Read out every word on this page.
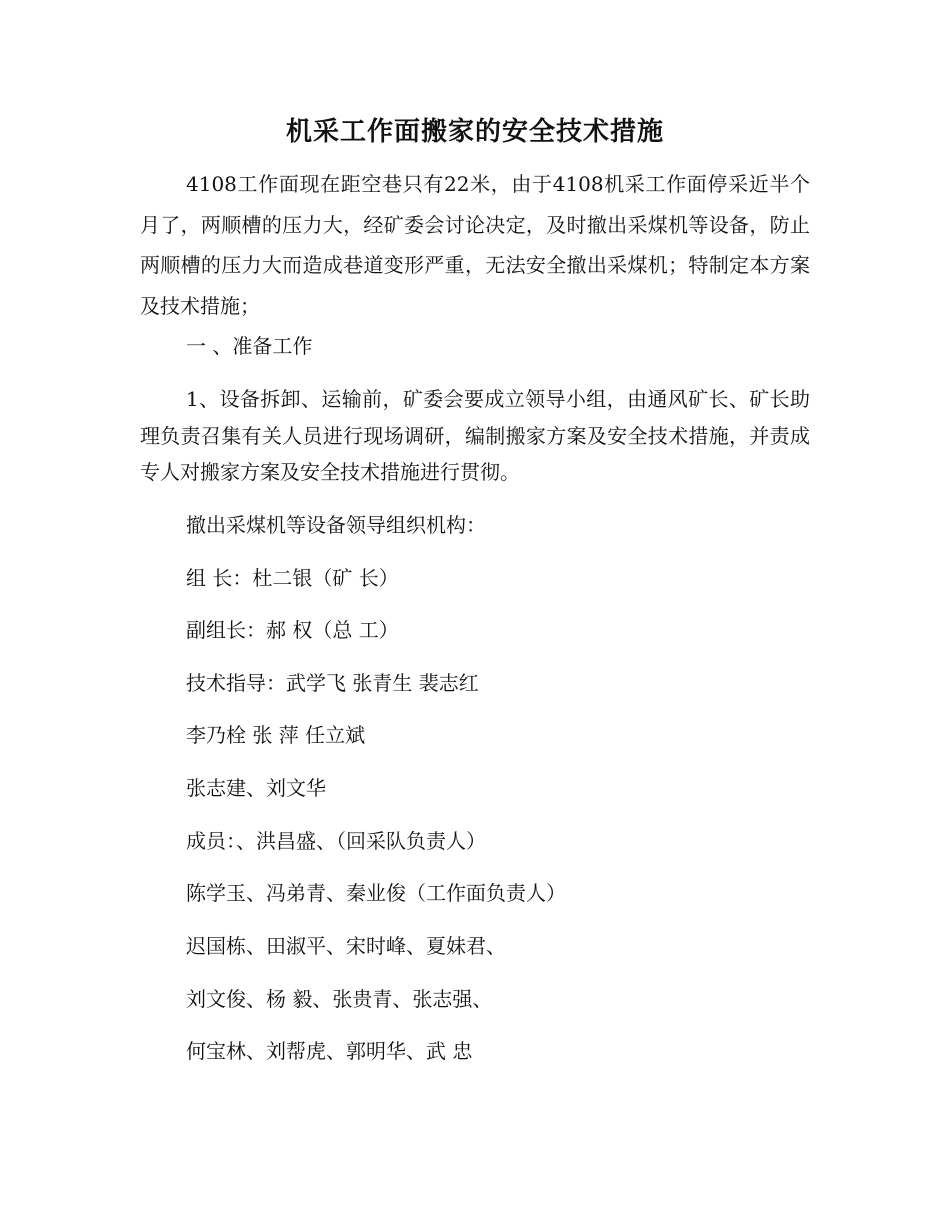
机采工作面搬家的安全技术措施

4108工作面现在距空巷只有22米，由于4108机采工作面停采近半个月了，两顺槽的压力大，经矿委会讨论决定，及时撤出采煤机等设备，防止两顺槽的压力大而造成巷道变形严重，无法安全撤出采煤机；特制定本方案及技术措施；

一 、准备工作

1、设备拆卸、运输前，矿委会要成立领导小组，由通风矿长、矿长助理负责召集有关人员进行现场调研，编制搬家方案及安全技术措施，并责成专人对搬家方案及安全技术措施进行贯彻。

撤出采煤机等设备领导组织机构：

组 长：杜二银（矿 长）

副组长：郝 权（总 工）

技术指导：武学飞 张青生 裴志红

李乃栓 张 萍 任立斌

张志建、刘文华

成员：、洪昌盛、（回采队负责人）

陈学玉、冯弟青、秦业俊（工作面负责人）

迟国栋、田淑平、宋时峰、夏妹君、

刘文俊、杨 毅、张贵青、张志强、

何宝林、刘帮虎、郭明华、武 忠
